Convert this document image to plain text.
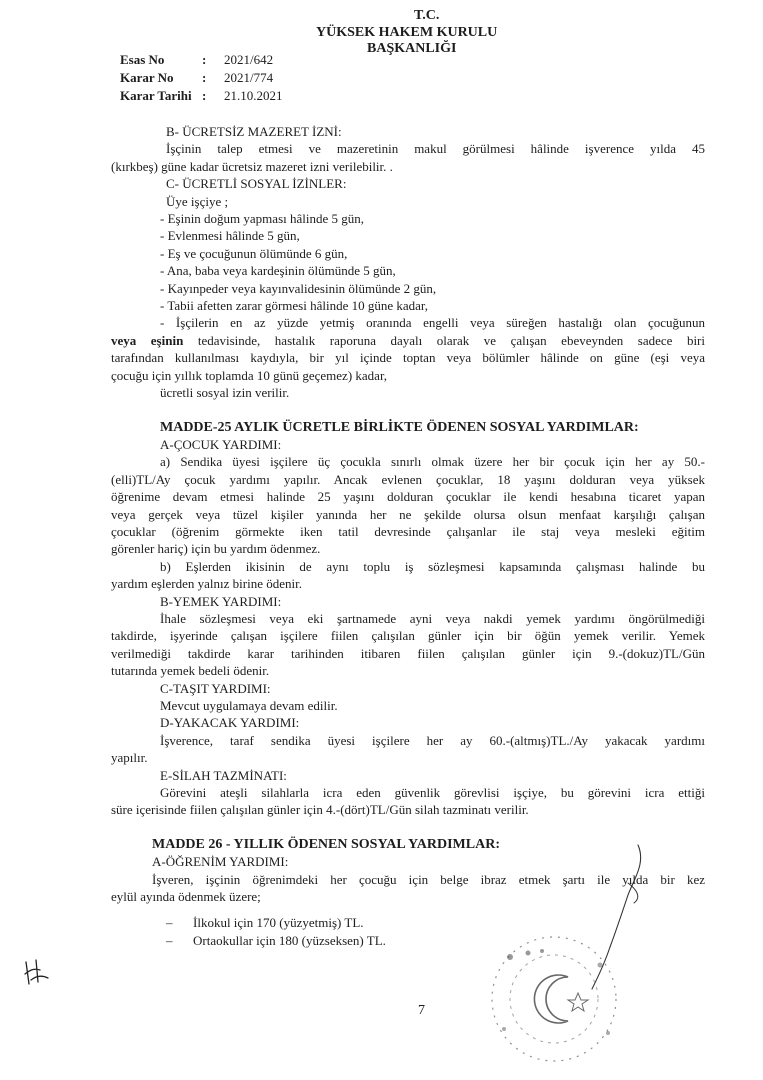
T.C.
YÜKSEK HAKEM KURULU
BAŞKANLIĞI
Esas No	:	2021/642
Karar No	:	2021/774
Karar Tarihi :	21.10.2021

B- ÜCRETSİZ MAZERET İZNİ:

İşçinin talep etmesi ve mazeretinin makul görülmesi hâlinde işverence yılda 45

(kırkbeş) güne kadar ücretsiz mazeret izni verilebilir. .

C- ÜCRETLİ SOSYAL İZİNLER:

Üye işçiye ;

- Eşinin doğum yapması hâlinde 5 gün,

- Evlenmesi hâlinde 5 gün,

- Eş ve çocuğunun ölümünde 6 gün,

- Ana, baba veya kardeşinin ölümünde 5 gün,

- Kayınpeder veya kayınvalidesinin ölümünde 2 gün,

- Tabii afetten zarar görmesi hâlinde 10 güne kadar,

- İşçilerin en az yüzde yetmiş oranında engelli veya süreğen hastalığı olan çocuğunun

veya eşinin tedavisinde, hastalık raporuna dayalı olarak ve çalışan ebeveynden sadece biri

tarafından kullanılması kaydıyla, bir yıl içinde toptan veya bölümler hâlinde on güne (eşi veya

çocuğu için yıllık toplamda 10 günü geçemez) kadar,

ücretli sosyal izin verilir.

MADDE-25 AYLIK ÜCRETLE BİRLİKTE ÖDENEN SOSYAL YARDIMLAR:

A-ÇOCUK YARDIMI:

a) Sendika üyesi işçilere üç çocukla sınırlı olmak üzere her bir çocuk için her ay 50.-

(elli)TL/Ay çocuk yardımı yapılır. Ancak evlenen çocuklar, 18 yaşını dolduran veya yüksek

öğrenime devam etmesi halinde 25 yaşını dolduran çocuklar ile kendi hesabına ticaret yapan

veya gerçek veya tüzel kişiler yanında her ne şekilde olursa olsun menfaat karşılığı çalışan

çocuklar (öğrenim görmekte iken tatil devresinde çalışanlar ile staj veya mesleki eğitim

görenler hariç) için bu yardım ödenmez.

b) Eşlerden ikisinin de aynı toplu iş sözleşmesi kapsamında çalışması halinde bu

yardım eşlerden yalnız birine ödenir.

B-YEMEK YARDIMI:

İhale sözleşmesi veya eki şartnamede ayni veya nakdi yemek yardımı öngörülmediği

takdirde, işyerinde çalışan işçilere fiilen çalışılan günler için bir öğün yemek verilir. Yemek

verilmediği takdirde karar tarihinden itibaren fiilen çalışılan günler için 9.-(dokuz)TL/Gün

tutarında yemek bedeli ödenir.

C-TAŞIT YARDIMI:

Mevcut uygulamaya devam edilir.

D-YAKACAK YARDIMI:

İşverence, taraf sendika üyesi işçilere her ay 60.-(altmış)TL./Ay yakacak yardımı

yapılır.

E-SİLAH TAZMİNATI:

Görevini ateşli silahlarla icra eden güvenlik görevlisi işçiye, bu görevini icra ettiği

süre içerisinde fiilen çalışılan günler için 4.-(dört)TL/Gün silah tazminatı verilir.

MADDE 26 - YILLIK ÖDENEN SOSYAL YARDIMLAR:

A-ÖĞRENİM YARDIMI:

İşveren, işçinin öğrenimdeki her çocuğu için belge ibraz etmek şartı ile yılda bir kez

eylül ayında ödenmek üzere;

–	İlkokul için 170 (yüzyetmiş) TL.
–	Ortaokullar için 180 (yüzseksen) TL.
7
